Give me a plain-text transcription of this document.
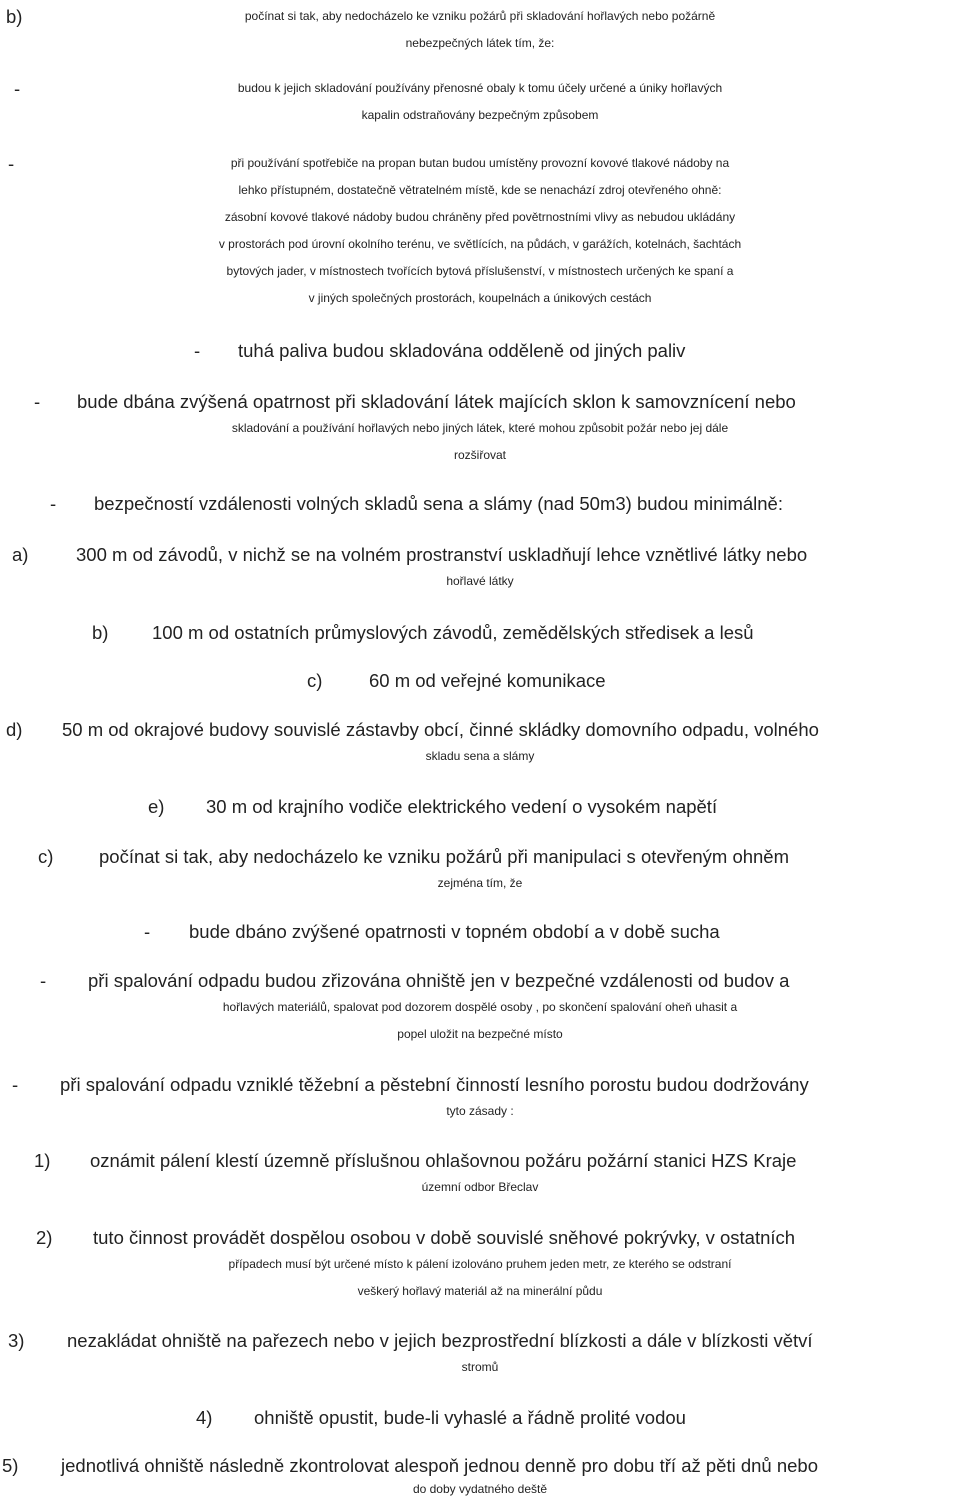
b)	počínat si tak, aby nedocházelo ke vzniku požárů při skladování hořlavých nebo požárně
nebezpečných látek tím, že:
-	budou k jejich skladování používány přenosné obaly k tomu účely určené a úniky hořlavých
kapalin odstraňovány bezpečným způsobem
-	při používání spotřebiče na propan butan budou umístěny provozní kovové tlakové nádoby na
lehko přístupném, dostatečně větratelném místě, kde se nenachází zdroj otevřeného ohně:
zásobní kovové tlakové nádoby budou chráněny před povětrnostními vlivy as nebudou ukládány
v prostorách pod úrovní okolního terénu, ve světlících, na půdách, v garážích, kotelnách, šachtách
bytových jader, v místnostech tvořících bytová příslušenství, v místnostech určených ke spaní a
v jiných společných prostorách, koupelnách a únikových cestách
- tuhá paliva budou skladována odděleně od jiných paliv
- bude dbána zvýšená opatrnost při skladování látek majících sklon k samovznícení nebo
skladování a používání hořlavých nebo jiných látek, které mohou způsobit požár nebo jej dále
rozšiřovat
- bezpečností vzdálenosti volných skladů sena a slámy (nad 50m3) budou minimálně:
a)	300 m od závodů, v nichž se na volném prostranství uskladňují lehce vznětlivé látky nebo
hořlavé látky
b) 100 m od ostatních průmyslových závodů, zemědělských středisek a lesů
c)	60 m od veřejné komunikace
d) 50 m od okrajové budovy souvislé zástavby obcí, činné skládky domovního odpadu, volného
skladu sena a slámy
e) 30 m od krajního vodiče elektrického vedení o vysokém napětí
c) počínat si tak, aby nedocházelo ke vzniku požárů při manipulaci s otevřeným ohněm
zejména tím, že
- bude dbáno zvýšené opatrnosti v topném období a v době sucha
- při spalování odpadu budou zřizována ohniště jen v bezpečné vzdálenosti od budov a
hořlavých materiálů, spalovat pod dozorem dospělé osoby , po skončení spalování oheň uhasit a
popel uložit na bezpečné místo
- při spalování odpadu vzniklé těžební a pěstební činností lesního porostu budou dodržovány
tyto zásady :
1) oznámit pálení klestí územně příslušnou ohlašovnou požáru požární stanici HZS Kraje
územní odbor Břeclav
2) tuto činnost provádět dospělou osobou v době souvislé sněhové pokrývky, v ostatních
případech musí být určené místo k pálení izolováno pruhem jeden metr, ze kterého se odstraní
veškerý hořlavý materiál až na minerální půdu
3) nezakládat ohniště na pařezech nebo v jejich bezprostřední blízkosti a dále v blízkosti větví
stromů
4) ohniště opustit, bude-li vyhaslé a řádně prolité vodou
5) jednotlivá ohniště následně zkontrolovat alespoň jednou denně pro dobu tří až pěti dnů nebo
do doby vydatného deště
